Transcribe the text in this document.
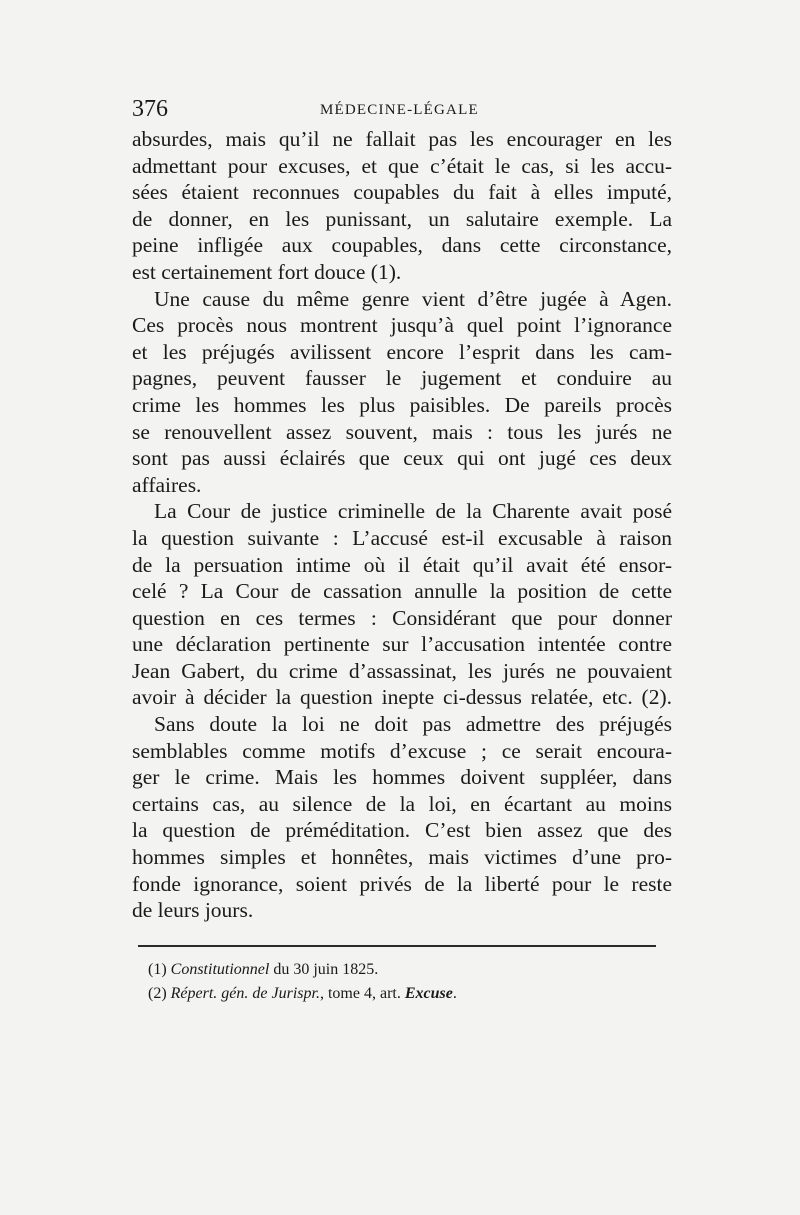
376	MÉDECINE-LÉGALE
absurdes, mais qu’il ne fallait pas les encourager en les
admettant pour excuses, et que c’était le cas, si les accu-
sées étaient reconnues coupables du fait à elles imputé,
de donner, en les punissant, un salutaire exemple. La
peine infligée aux coupables, dans cette circonstance,
est certainement fort douce (1).
Une cause du même genre vient d’être jugée à Agen.
Ces procès nous montrent jusqu’à quel point l’ignorance
et les préjugés avilissent encore l’esprit dans les cam-
pagnes, peuvent fausser le jugement et conduire au
crime les hommes les plus paisibles. De pareils procès
se renouvellent assez souvent, mais : tous les jurés ne
sont pas aussi éclairés que ceux qui ont jugé ces deux
affaires.
La Cour de justice criminelle de la Charente avait posé
la question suivante : L’accusé est-il excusable à raison
de la persuation intime où il était qu’il avait été ensor-
celé ? La Cour de cassation annulle la position de cette
question en ces termes : Considérant que pour donner
une déclaration pertinente sur l’accusation intentée contre
Jean Gabert, du crime d’assassinat, les jurés ne pouvaient
avoir à décider la question inepte ci-dessus relatée, etc. (2).
Sans doute la loi ne doit pas admettre des préjugés
semblables comme motifs d’excuse ; ce serait encoura-
ger le crime. Mais les hommes doivent suppléer, dans
certains cas, au silence de la loi, en écartant au moins
la question de préméditation. C’est bien assez que des
hommes simples et honnêtes, mais victimes d’une pro-
fonde ignorance, soient privés de la liberté pour le reste
de leurs jours.
(1) Constitutionnel du 30 juin 1825.
(2) Répert. gén. de Jurispr., tome 4, art. Excuse.
